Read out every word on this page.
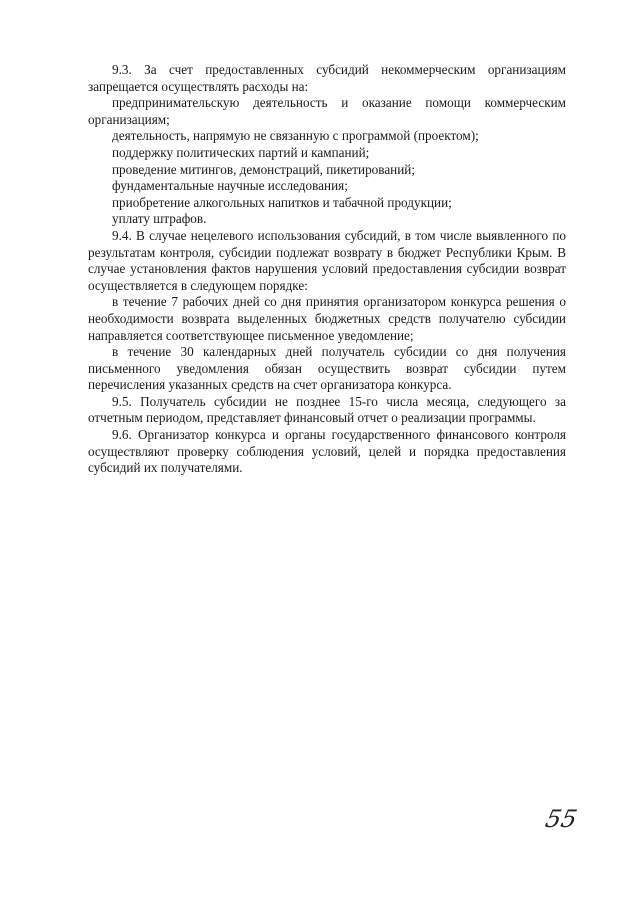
9.3. За счет предоставленных субсидий некоммерческим организациям запрещается осуществлять расходы на:

предпринимательскую деятельность и оказание помощи коммерческим организациям;

деятельность, напрямую не связанную с программой (проектом);

поддержку политических партий и кампаний;

проведение митингов, демонстраций, пикетирований;

фундаментальные научные исследования;

приобретение алкогольных напитков и табачной продукции;

уплату штрафов.

9.4. В случае нецелевого использования субсидий, в том числе выявленного по результатам контроля, субсидии подлежат возврату в бюджет Республики Крым. В случае установления фактов нарушения условий предоставления субсидии возврат осуществляется в следующем порядке:

в течение 7 рабочих дней со дня принятия организатором конкурса решения о необходимости возврата выделенных бюджетных средств получателю субсидии направляется соответствующее письменное уведомление;

в течение 30 календарных дней получатель субсидии со дня получения письменного уведомления обязан осуществить возврат субсидии путем перечисления указанных средств на счет организатора конкурса.

9.5. Получатель субсидии не позднее 15-го числа месяца, следующего за отчетным периодом, представляет финансовый отчет о реализации программы.

9.6. Организатор конкурса и органы государственного финансового контроля осуществляют проверку соблюдения условий, целей и порядка предоставления субсидий их получателями.

55
